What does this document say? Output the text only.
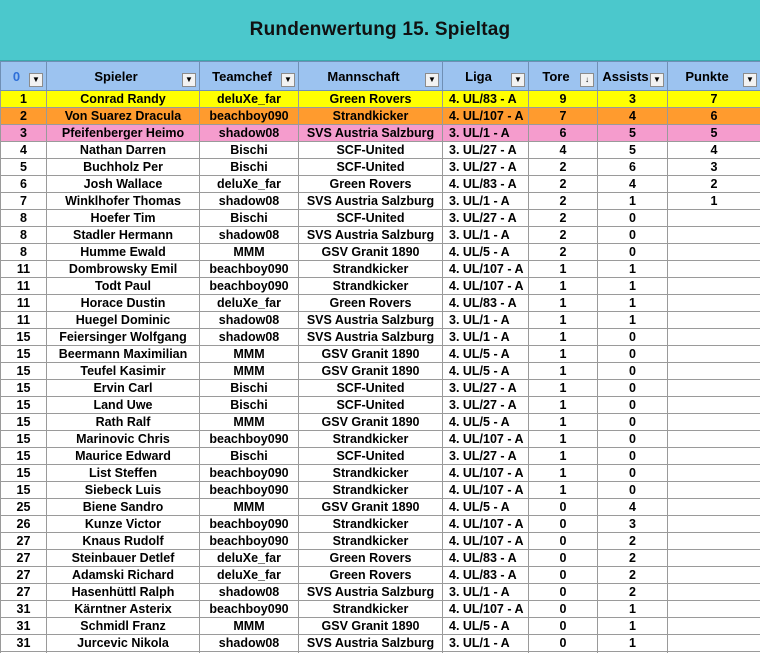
Rundenwertung 15. Spieltag
0 ▼	Spieler ▼	Teamchef ▼	Mannschaft ▼	Liga ▼	Tore ↓	Assists ▼	Punkte ▼

1	Conrad Randy	deluXe_far	Green Rovers	4. UL/83 - A	9	3	7
2	Von Suarez Dracula	beachboy090	Strandkicker	4. UL/107 - A	7	4	6
3	Pfeifenberger Heimo	shadow08	SVS Austria Salzburg	3. UL/1 - A	6	5	5
4	Nathan Darren	Bischi	SCF-United	3. UL/27 - A	4	5	4
5	Buchholz Per	Bischi	SCF-United	3. UL/27 - A	2	6	3
6	Josh Wallace	deluXe_far	Green Rovers	4. UL/83 - A	2	4	2
7	Winklhofer Thomas	shadow08	SVS Austria Salzburg	3. UL/1 - A	2	1	1
8	Hoefer Tim	Bischi	SCF-United	3. UL/27 - A	2	0	
8	Stadler Hermann	shadow08	SVS Austria Salzburg	3. UL/1 - A	2	0	
8	Humme Ewald	MMM	GSV Granit 1890	4. UL/5 - A	2	0	
11	Dombrowsky Emil	beachboy090	Strandkicker	4. UL/107 - A	1	1	
11	Todt Paul	beachboy090	Strandkicker	4. UL/107 - A	1	1	
11	Horace Dustin	deluXe_far	Green Rovers	4. UL/83 - A	1	1	
11	Huegel Dominic	shadow08	SVS Austria Salzburg	3. UL/1 - A	1	1	
15	Feiersinger Wolfgang	shadow08	SVS Austria Salzburg	3. UL/1 - A	1	0	
15	Beermann Maximilian	MMM	GSV Granit 1890	4. UL/5 - A	1	0	
15	Teufel Kasimir	MMM	GSV Granit 1890	4. UL/5 - A	1	0	
15	Ervin Carl	Bischi	SCF-United	3. UL/27 - A	1	0	
15	Land Uwe	Bischi	SCF-United	3. UL/27 - A	1	0	
15	Rath Ralf	MMM	GSV Granit 1890	4. UL/5 - A	1	0	
15	Marinovic Chris	beachboy090	Strandkicker	4. UL/107 - A	1	0	
15	Maurice Edward	Bischi	SCF-United	3. UL/27 - A	1	0	
15	List Steffen	beachboy090	Strandkicker	4. UL/107 - A	1	0	
15	Siebeck Luis	beachboy090	Strandkicker	4. UL/107 - A	1	0	
25	Biene Sandro	MMM	GSV Granit 1890	4. UL/5 - A	0	4	
26	Kunze Victor	beachboy090	Strandkicker	4. UL/107 - A	0	3	
27	Knaus Rudolf	beachboy090	Strandkicker	4. UL/107 - A	0	2	
27	Steinbauer Detlef	deluXe_far	Green Rovers	4. UL/83 - A	0	2	
27	Adamski Richard	deluXe_far	Green Rovers	4. UL/83 - A	0	2	
27	Hasenhüttl Ralph	shadow08	SVS Austria Salzburg	3. UL/1 - A	0	2	
31	Kärntner Asterix	beachboy090	Strandkicker	4. UL/107 - A	0	1	
31	Schmidl Franz	MMM	GSV Granit 1890	4. UL/5 - A	0	1	
31	Jurcevic Nikola	shadow08	SVS Austria Salzburg	3. UL/1 - A	0	1	
